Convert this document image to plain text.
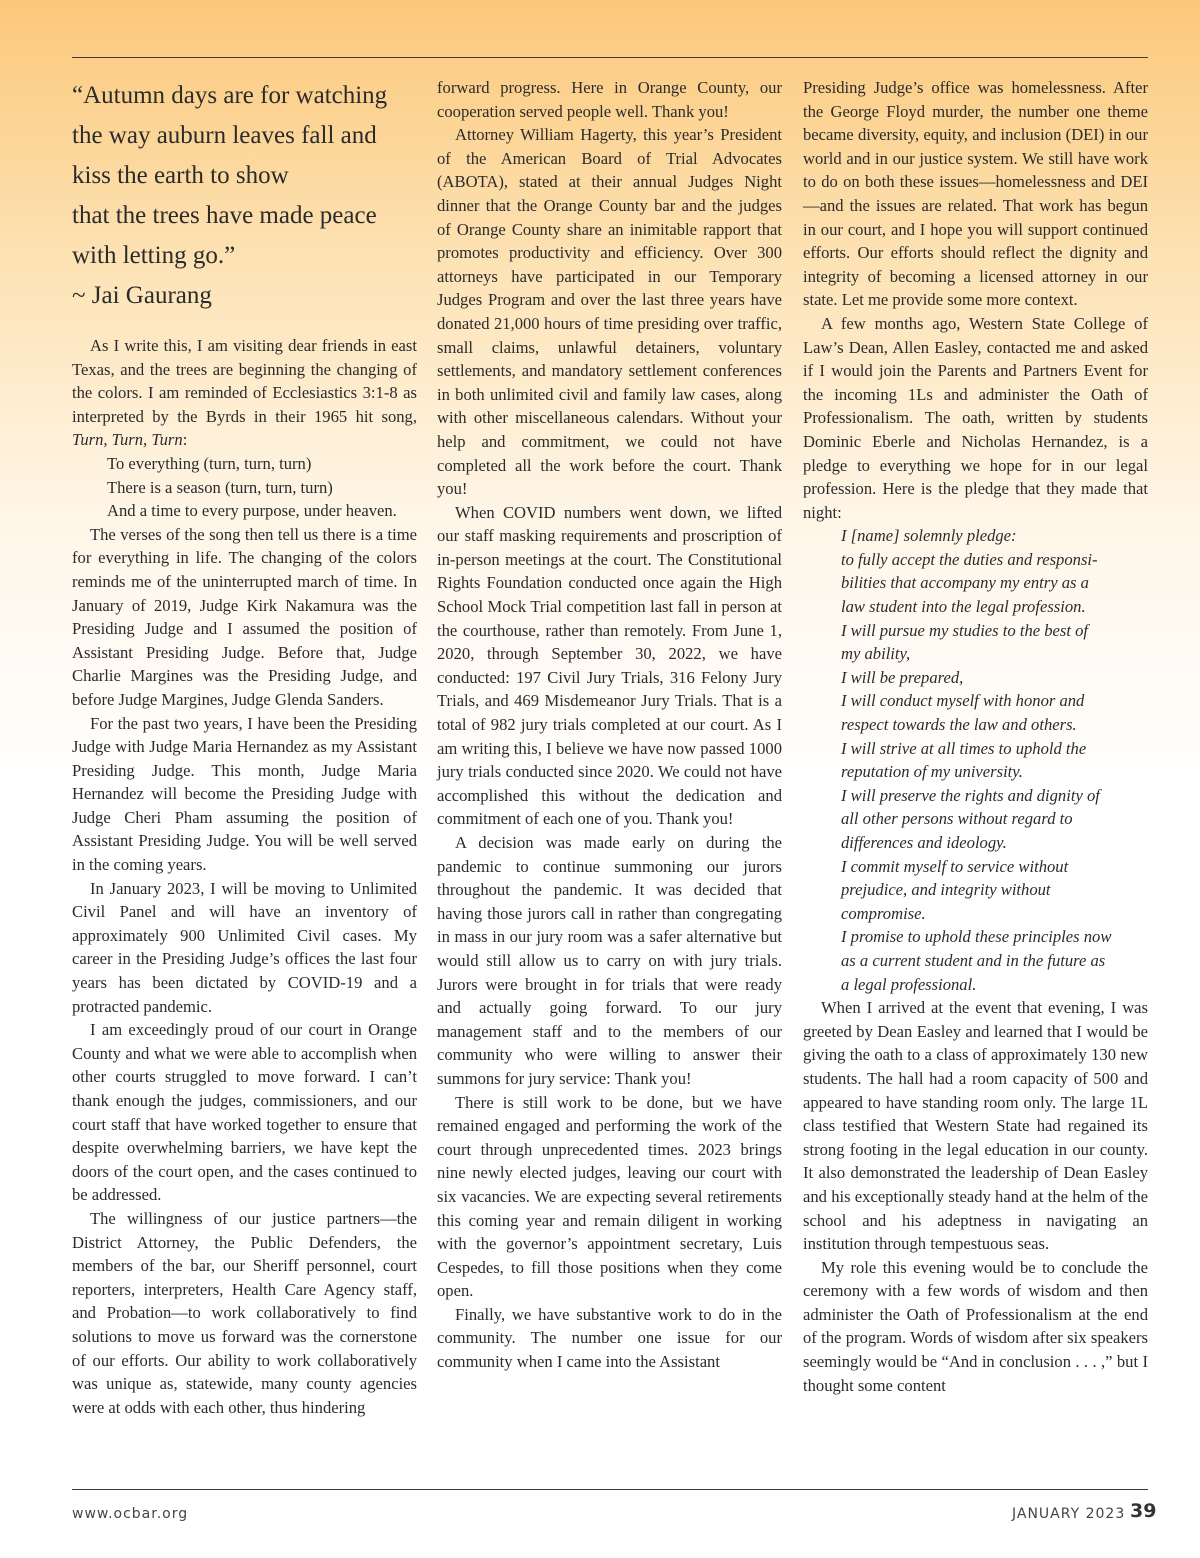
“Autumn days are for watching
the way auburn leaves fall and
kiss the earth to show
that the trees have made peace
with letting go.”
~ Jai Gaurang

As I write this, I am visiting dear friends in east Texas, and the trees are beginning the changing of the colors. I am reminded of Ecclesiastics 3:1-8 as interpreted by the Byrds in their 1965 hit song, Turn, Turn, Turn:

To everything (turn, turn, turn)
There is a season (turn, turn, turn)
And a time to every purpose, under heaven.

The verses of the song then tell us there is a time for everything in life. The changing of the colors reminds me of the uninterrupted march of time. In January of 2019, Judge Kirk Nakamura was the Presiding Judge and I assumed the position of Assistant Presiding Judge. Before that, Judge Charlie Margines was the Presiding Judge, and before Judge Margines, Judge Glenda Sanders.

For the past two years, I have been the Presiding Judge with Judge Maria Hernandez as my Assistant Presiding Judge. This month, Judge Maria Hernandez will become the Presiding Judge with Judge Cheri Pham assuming the position of Assistant Presiding Judge. You will be well served in the coming years.

In January 2023, I will be moving to Unlimited Civil Panel and will have an inventory of approximately 900 Unlimited Civil cases. My career in the Presiding Judge’s offices the last four years has been dictated by COVID-19 and a protracted pandemic.

I am exceedingly proud of our court in Orange County and what we were able to accomplish when other courts struggled to move forward. I can’t thank enough the judges, commissioners, and our court staff that have worked together to ensure that despite overwhelming barriers, we have kept the doors of the court open, and the cases continued to be addressed.

The willingness of our justice partners—the District Attorney, the Public Defenders, the members of the bar, our Sheriff personnel, court reporters, interpreters, Health Care Agency staff, and Probation—to work collaboratively to find solutions to move us forward was the cornerstone of our efforts. Our ability to work collaboratively was unique as, statewide, many county agencies were at odds with each other, thus hindering

forward progress. Here in Orange County, our cooperation served people well. Thank you!

Attorney William Hagerty, this year’s President of the American Board of Trial Advocates (ABOTA), stated at their annual Judges Night dinner that the Orange County bar and the judges of Orange County share an inimitable rapport that promotes productivity and efficiency. Over 300 attorneys have participated in our Temporary Judges Program and over the last three years have donated 21,000 hours of time presiding over traffic, small claims, unlawful detainers, voluntary settlements, and mandatory settlement conferences in both unlimited civil and family law cases, along with other miscellaneous calendars. Without your help and commitment, we could not have completed all the work before the court. Thank you!

When COVID numbers went down, we lifted our staff masking requirements and proscription of in-person meetings at the court. The Constitutional Rights Foundation conducted once again the High School Mock Trial competition last fall in person at the courthouse, rather than remotely. From June 1, 2020, through September 30, 2022, we have conducted: 197 Civil Jury Trials, 316 Felony Jury Trials, and 469 Misdemeanor Jury Trials. That is a total of 982 jury trials completed at our court. As I am writing this, I believe we have now passed 1000 jury trials conducted since 2020. We could not have accomplished this without the dedication and commitment of each one of you. Thank you!

A decision was made early on during the pandemic to continue summoning our jurors throughout the pandemic. It was decided that having those jurors call in rather than congregating in mass in our jury room was a safer alternative but would still allow us to carry on with jury trials. Jurors were brought in for trials that were ready and actually going forward. To our jury management staff and to the members of our community who were willing to answer their summons for jury service: Thank you!

There is still work to be done, but we have remained engaged and performing the work of the court through unprecedented times. 2023 brings nine newly elected judges, leaving our court with six vacancies. We are expecting several retirements this coming year and remain diligent in working with the governor’s appointment secretary, Luis Cespedes, to fill those positions when they come open.

Finally, we have substantive work to do in the community. The number one issue for our community when I came into the Assistant

Presiding Judge’s office was homelessness. After the George Floyd murder, the number one theme became diversity, equity, and inclusion (DEI) in our world and in our justice system. We still have work to do on both these issues—homelessness and DEI—and the issues are related. That work has begun in our court, and I hope you will support continued efforts. Our efforts should reflect the dignity and integrity of becoming a licensed attorney in our state. Let me provide some more context.

A few months ago, Western State College of Law’s Dean, Allen Easley, contacted me and asked if I would join the Parents and Partners Event for the incoming 1Ls and administer the Oath of Professionalism. The oath, written by students Dominic Eberle and Nicholas Hernandez, is a pledge to everything we hope for in our legal profession. Here is the pledge that they made that night:

I [name] solemnly pledge:
to fully accept the duties and responsi-
bilities that accompany my entry as a
law student into the legal profession.
I will pursue my studies to the best of
my ability,
I will be prepared,
I will conduct myself with honor and
respect towards the law and others.
I will strive at all times to uphold the
reputation of my university.
I will preserve the rights and dignity of
all other persons without regard to
differences and ideology.
I commit myself to service without
prejudice, and integrity without
compromise.
I promise to uphold these principles now
as a current student and in the future as
a legal professional.

When I arrived at the event that evening, I was greeted by Dean Easley and learned that I would be giving the oath to a class of approximately 130 new students. The hall had a room capacity of 500 and appeared to have standing room only. The large 1L class testified that Western State had regained its strong footing in the legal education in our county. It also demonstrated the leadership of Dean Easley and his exceptionally steady hand at the helm of the school and his adeptness in navigating an institution through tempestuous seas.

My role this evening would be to conclude the ceremony with a few words of wisdom and then administer the Oath of Professionalism at the end of the program. Words of wisdom after six speakers seemingly would be “And in conclusion . . . ,” but I thought some content

www.ocbar.org	JANUARY 2023 39
